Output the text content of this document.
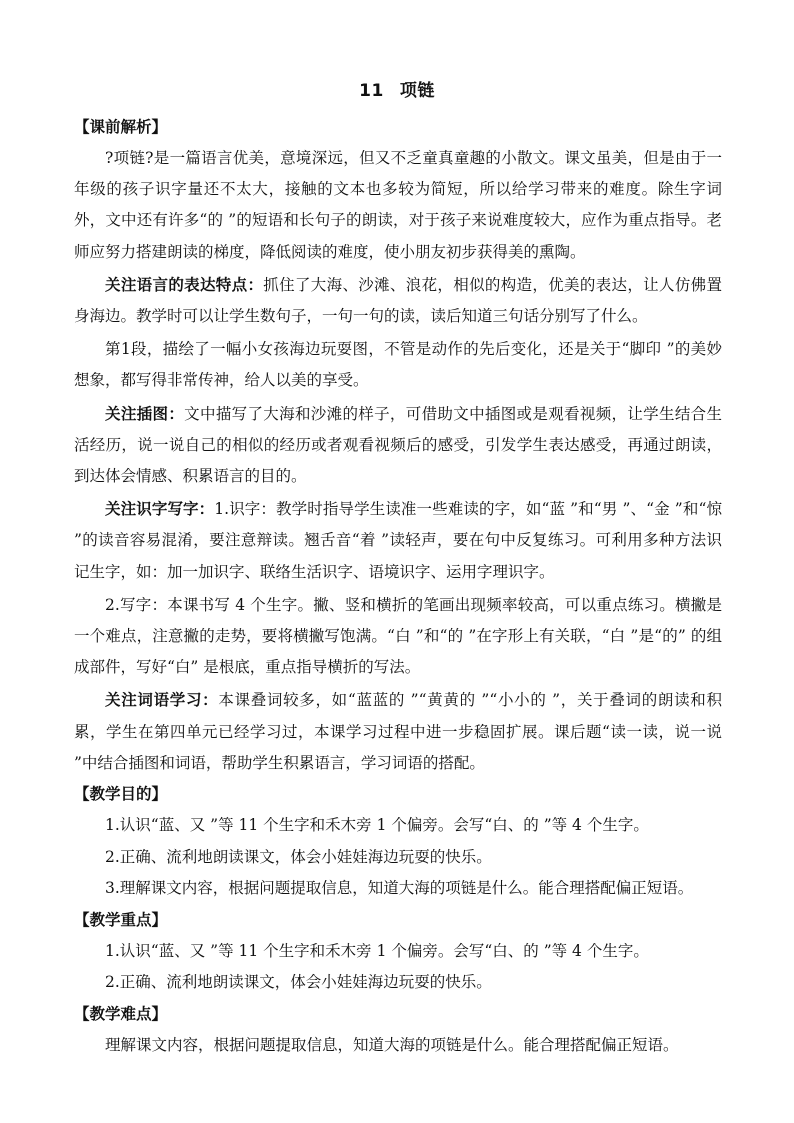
11 项链
【课前解析】

?项链?是一篇语言优美，意境深远，但又不乏童真童趣的小散文。课文虽美，但是由于一年级的孩子识字量还不太大，接触的文本也多较为简短，所以给学习带来的难度。除生字词外，文中还有许多“的 ”的短语和长句子的朗读，对于孩子来说难度较大，应作为重点指导。老师应努力搭建朗读的梯度，降低阅读的难度，使小朋友初步获得美的熏陶。

关注语言的表达特点：抓住了大海、沙滩、浪花，相似的构造，优美的表达，让人仿佛置身海边。教学时可以让学生数句子，一句一句的读，读后知道三句话分别写了什么。

第1段，描绘了一幅小女孩海边玩耍图，不管是动作的先后变化，还是关于“脚印 ”的美妙想象，都写得非常传神，给人以美的享受。

关注插图：文中描写了大海和沙滩的样子，可借助文中插图或是观看视频，让学生结合生活经历，说一说自己的相似的经历或者观看视频后的感受，引发学生表达感受，再通过朗读，到达体会情感、积累语言的目的。

关注识字写字：1.识字：教学时指导学生读准一些难读的字，如“蓝 ”和“男 ”、“金 ”和“惊 ”的读音容易混淆，要注意辩读。翘舌音“着 ”读轻声，要在句中反复练习。可利用多种方法识记生字，如：加一加识字、联络生活识字、语境识字、运用字理识字。

2.写字：本课书写 4 个生字。撇、竖和横折的笔画出现频率较高，可以重点练习。横撇是一个难点，注意撇的走势，要将横撇写饱满。“白 ”和“的 ”在字形上有关联，“白 ”是“的” 的组成部件，写好“白” 是根底，重点指导横折的写法。

关注词语学习：本课叠词较多，如“蓝蓝的 ”“黄黄的 ”“小小的 ”，关于叠词的朗读和积累，学生在第四单元已经学习过，本课学习过程中进一步稳固扩展。课后题“读一读，说一说 ”中结合插图和词语，帮助学生积累语言，学习词语的搭配。

【教学目的】
1.认识“蓝、又 ”等 11 个生字和禾木旁 1 个偏旁。会写“白、的 ”等 4 个生字。
2.正确、流利地朗读课文，体会小娃娃海边玩耍的快乐。
3.理解课文内容，根据问题提取信息，知道大海的项链是什么。能合理搭配偏正短语。
【教学重点】
1.认识“蓝、又 ”等 11 个生字和禾木旁 1 个偏旁。会写“白、的 ”等 4 个生字。
2.正确、流利地朗读课文，体会小娃娃海边玩耍的快乐。
【教学难点】
理解课文内容，根据问题提取信息，知道大海的项链是什么。能合理搭配偏正短语。
